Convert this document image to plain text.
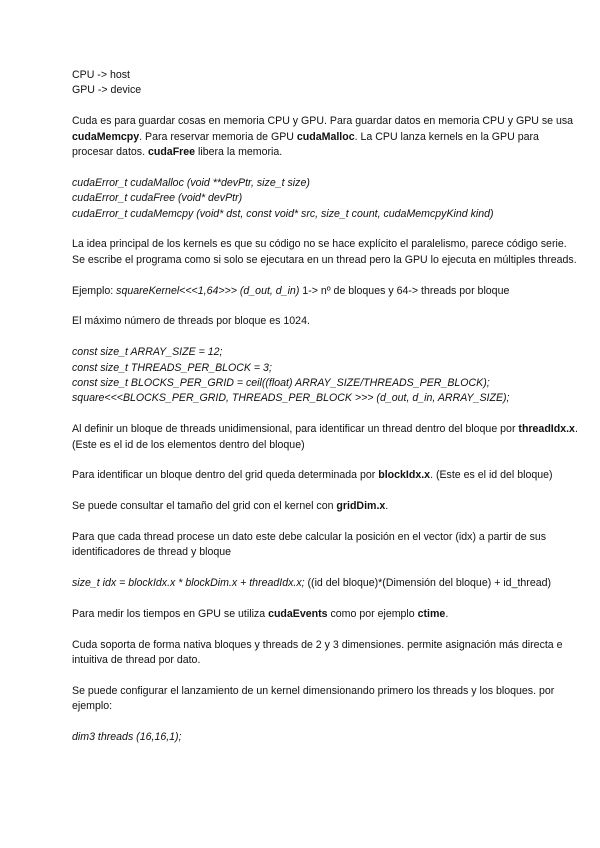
CPU -> host
GPU -> device

Cuda es para guardar cosas en memoria CPU y GPU. Para guardar datos en memoria CPU y GPU se usa cudaMemcpy. Para reservar memoria de GPU cudaMalloc. La CPU lanza kernels en la GPU para procesar datos. cudaFree libera la memoria.

cudaError_t cudaMalloc (void **devPtr, size_t size)
cudaError_t cudaFree (void* devPtr)
cudaError_t cudaMemcpy (void* dst, const void* src, size_t count, cudaMemcpyKind kind)

La idea principal de los kernels es que su código no se hace explícito el paralelismo, parece código serie. Se escribe el programa como si solo se ejecutara en un thread pero la GPU lo ejecuta en múltiples threads.

Ejemplo: squareKernel<<<1,64>>> (d_out, d_in) 1-> nº de bloques y 64-> threads por bloque

El máximo número de threads por bloque es 1024.

const size_t ARRAY_SIZE = 12;
const size_t THREADS_PER_BLOCK = 3;
const size_t BLOCKS_PER_GRID = ceil((float) ARRAY_SIZE/THREADS_PER_BLOCK);
square<<<BLOCKS_PER_GRID, THREADS_PER_BLOCK >>> (d_out, d_in, ARRAY_SIZE);

Al definir un bloque de threads unidimensional, para identificar un thread dentro del bloque por threadIdx.x. (Este es el id de los elementos dentro del bloque)

Para identificar un bloque dentro del grid queda determinada por blockIdx.x. (Este es el id del bloque)

Se puede consultar el tamaño del grid con el kernel con gridDim.x.

Para que cada thread procese un dato este debe calcular la posición en el vector (idx) a partir de sus identificadores de thread y bloque

size_t idx = blockIdx.x * blockDim.x + threadIdx.x; ((id del bloque)*(Dimensión del bloque) + id_thread)

Para medir los tiempos en GPU se utiliza cudaEvents como por ejemplo ctime.

Cuda soporta de forma nativa bloques y threads de 2 y 3 dimensiones. permite asignación más directa e intuitiva de thread por dato.

Se puede configurar el lanzamiento de un kernel dimensionando primero los threads y los bloques. por ejemplo:

dim3 threads (16,16,1);
